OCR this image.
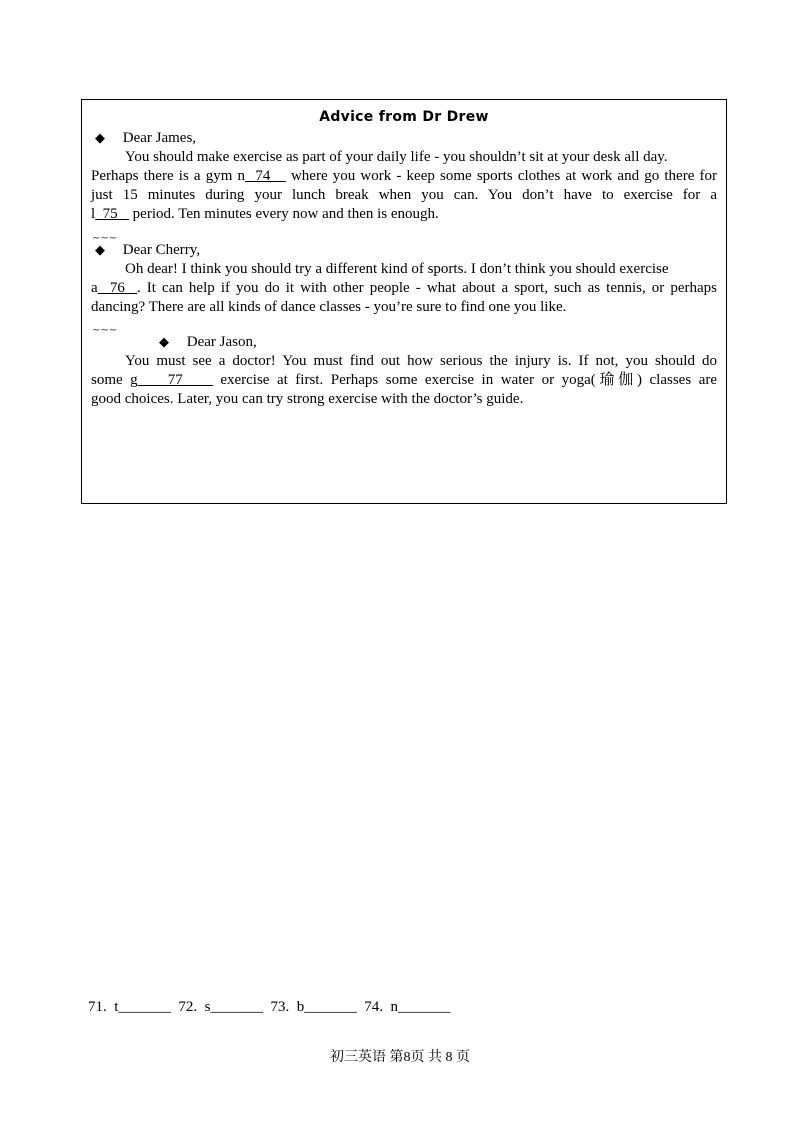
Advice from Dr Drew
◆ Dear James,
You should make exercise as part of your daily life - you shouldn’t sit at your desk all day.
Perhaps there is a gym n 74    where you work - keep some sports clothes at work and go there for
just 15 minutes during your lunch break when you can. You don’t have to exercise for a
l 75    period. Ten minutes every now and then is enough.
~~~
◆ Dear Cherry,
Oh dear! I think you should try a different kind of sports. I don’t think you should exercise
a 76 . It can help if you do it with other people - what about a sport, such as tennis, or perhaps
dancing? There are all kinds of dance classes - you’re sure to find one you like.
~~~
◆ Dear Jason,
You must see a doctor! You must find out how serious the injury is. If not, you should do
some g 77     exercise at first. Perhaps some exercise in water or yoga(瑜伽) classes are
good choices. Later, you can try strong exercise with the doctor’s guide.
71.  t_______  72.  s_______  73.  b_______  74.  n_______
初三英语 第8页 共 8 页
